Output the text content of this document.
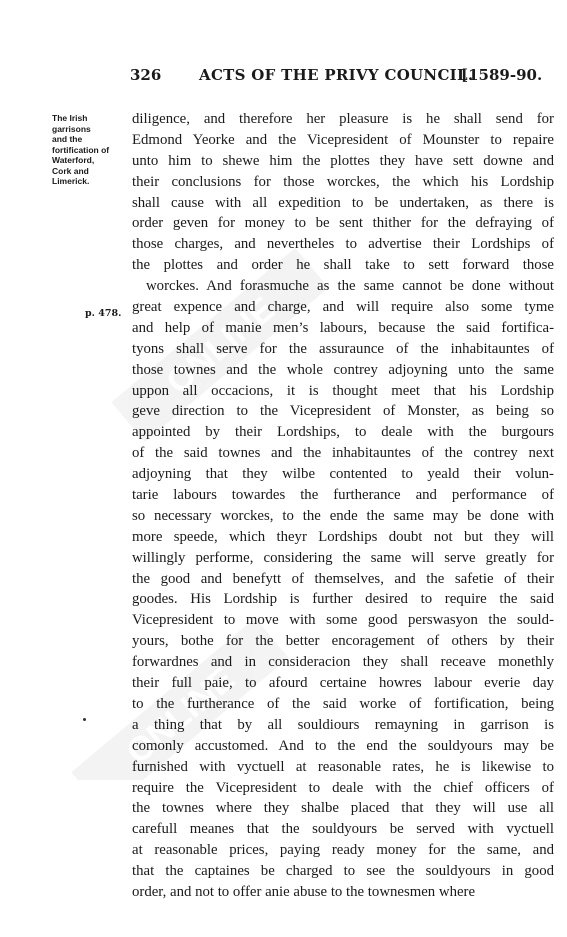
326	ACTS OF THE PRIVY COUNCIL.
[1589-90.
The Irish
garrisons
and the
fortification of
Waterford,
Cork and
Limerick.
p. 478. ONLINE
ONLINE
diligence, and therefore her pleasure is he shall send for
Edmond Yeorke and the Vicepresident of Mounster to repaire
unto him to shewe him the plottes they have sett downe and
their conclusions for those worckes, the which his Lordship
shall cause with all expedition to be undertaken, as there is
order geven for money to be sent thither for the defraying of
those charges, and nevertheles to advertise their Lordships of
the plottes and order he shall take to sett forward those
worckes. And forasmuche as the same cannot be done without
great expence and charge, and will require also some tyme
and help of manie men’s labours, because the said fortifica-
tyons shall serve for the assuraunce of the inhabitauntes of
those townes and the whole contrey adjoyning unto the same
uppon all occacions, it is thought meet that his Lordship
geve direction to the Vicepresident of Monster, as being so
appointed by their Lordships, to deale with the burgours
of the said townes and the inhabitauntes of the contrey next
adjoyning that they wilbe contented to yeald their volun-
tarie labours towardes the furtherance and performance of
so necessary worckes, to the ende the same may be done with
more speede, which theyr Lordships doubt not but they will
willingly performe, considering the same will serve greatly for
the good and benefytt of themselves, and the safetie of their
goodes. His Lordship is further desired to require the said
Vicepresident to move with some good perswasyon the sould-
yours, bothe for the better encoragement of others by their
forwardnes and in consideracion they shall receave monethly
their full paie, to afourd certaine howres labour everie day
to the furtherance of the said worke of fortification, being
a thing that by all souldiours remayning in garrison is
comonly accustomed. And to the end the souldyours may be
furnished with vyctuell at reasonable rates, he is likewise to
require the Vicepresident to deale with the chief officers of
the townes where they shalbe placed that they will use all
carefull meanes that the souldyours be served with vyctuell
at reasonable prices, paying ready money for the same, and
that the captaines be charged to see the souldyours in good
order, and not to offer anie abuse to the townesmen where
